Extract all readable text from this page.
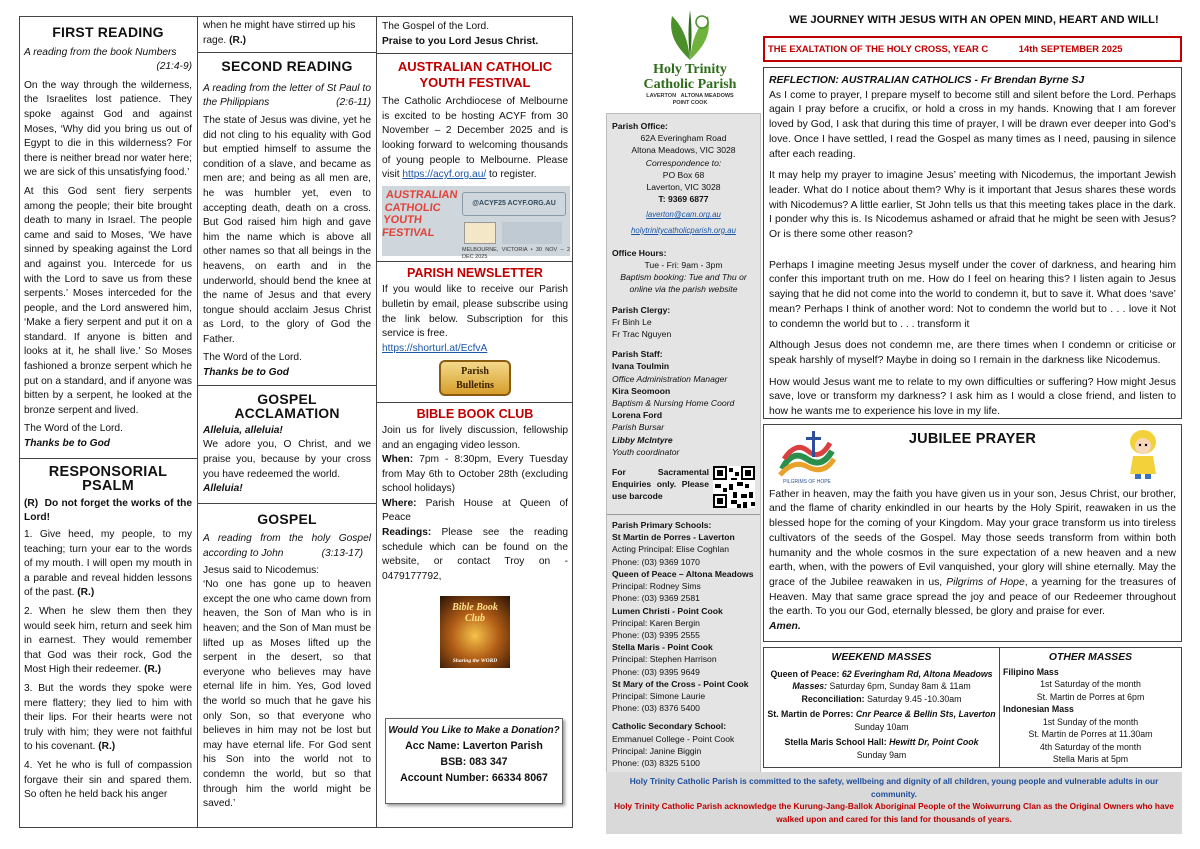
FIRST READING
A reading from the book Numbers
(21:4-9)

On the way through the wilderness, the Israelites lost patience. They spoke against God and against Moses, ‘Why did you bring us out of Egypt to die in this wilderness? For there is neither bread nor water here; we are sick of this unsatisfying food.’

At this God sent fiery serpents among the people; their bite brought death to many in Israel. The people came and said to Moses, ‘We have sinned by speaking against the Lord and against you. Intercede for us with the Lord to save us from these serpents.’ Moses interceded for the people, and the Lord answered him, ‘Make a fiery serpent and put it on a standard. If anyone is bitten and looks at it, he shall live.’ So Moses fashioned a bronze serpent which he put on a standard, and if anyone was bitten by a serpent, he looked at the bronze serpent and lived.

The Word of the Lord.

Thanks be to God

RESPONSORIAL PSALM

(R) Do not forget the works of the Lord!

1. Give heed, my people, to my teaching; turn your ear to the words of my mouth. I will open my mouth in a parable and reveal hidden lessons of the past. (R.)

2. When he slew them then they would seek him, return and seek him in earnest. They would remember that God was their rock, God the Most High their redeemer. (R.)

3. But the words they spoke were mere flattery; they lied to him with their lips. For their hearts were not truly with him; they were not faithful to his covenant. (R.)

4. Yet he who is full of compassion forgave their sin and spared them. So often he held back his anger

when he might have stirred up his rage. (R.)

SECOND READING
A reading from the letter of St Paul to the Philippians	(2:6-11)

The state of Jesus was divine, yet he did not cling to his equality with God but emptied himself to assume the condition of a slave, and became as men are; and being as all men are, he was humbler yet, even to accepting death, death on a cross. But God raised him high and gave him the name which is above all other names so that all beings in the heavens, on earth and in the underworld, should bend the knee at the name of Jesus and that every tongue should acclaim Jesus Christ as Lord, to the glory of God the Father.

The Word of the Lord.

Thanks be to God

GOSPEL ACCLAMATION

Alleluia, alleluia!

We adore you, O Christ, and we praise you, because by your cross you have redeemed the world.

Alleluia!

GOSPEL
A reading from the holy Gospel according to John	(3:13-17)

Jesus said to Nicodemus:

‘No one has gone up to heaven except the one who came down from heaven, the Son of Man who is in heaven; and the Son of Man must be lifted up as Moses lifted up the serpent in the desert, so that everyone who believes may have eternal life in him. Yes, God loved the world so much that he gave his only Son, so that everyone who believes in him may not be lost but may have eternal life. For God sent his Son into the world not to condemn the world, but so that through him the world might be saved.’

The Gospel of the Lord.

Praise to you Lord Jesus Christ.

AUSTRALIAN CATHOLIC
YOUTH FESTIVAL

The Catholic Archdiocese of Melbourne is excited to be hosting ACYF from 30 November – 2 December 2025 and is looking forward to welcoming thousands of young people to Melbourne. Please visit https://acyf.org.au/ to register.

AUSTRALIAN
CATHOLIC
YOUTH
FESTIVAL
@ACYF25 ACYF.ORG.AU
MELBOURNE, VICTORIA • 30 NOV – 2 DEC 2025
PARISH NEWSLETTER

If you would like to receive our Parish bulletin by email, please subscribe using the link below. Subscription for this service is free.

https://shorturl.at/EcfvA
Parish
Bulletins
BIBLE BOOK CLUB

Join us for lively discussion, fellowship and an engaging video lesson.

When: 7pm - 8:30pm, Every Tuesday from May 6th to October 28th (excluding school holidays)

Where: Parish House at Queen of Peace

Readings: Please see the reading schedule which can be found on the website, or contact Troy on - 0479177792,

Bible Book
Club
Sharing the WORD
Would You Like to Make a Donation?
Acc Name: Laverton Parish
BSB: 083 347
Account Number: 66334 8067
Holy Trinity
Catholic Parish
LAVERTON ALTONA MEADOWS
POINT COOK

Parish Office:

62A Everingham Road

Altona Meadows, VIC 3028

Correspondence to:

PO Box 68

Laverton, VIC 3028

T: 9369 6877

laverton@cam.org.au

holytrinitycatholicparish.org.au

Office Hours:

Tue - Fri: 9am - 3pm

Baptism booking: Tue and Thu or online via the parish website

Parish Clergy:

Fr Binh Le

Fr Trac Nguyen

Parish Staff:

Ivana Toulmin

Office Administration Manager

Kira Seomoon

Baptism & Nursing Home Coord

Lorena Ford

Parish Bursar

Libby McIntyre

Youth coordinator

For Sacramental Enquiries only. Please use barcode

Parish Primary Schools:

St Martin de Porres - Laverton

Acting Principal: Elise Coghlan

Phone: (03) 9369 1070

Queen of Peace – Altona Meadows

Principal: Rodney Sims

Phone: (03) 9369 2581

Lumen Christi - Point Cook

Principal: Karen Bergin

Phone: (03) 9395 2555

Stella Maris - Point Cook

Principal: Stephen Harrison

Phone: (03) 9395 9649

St Mary of the Cross - Point Cook

Principal: Simone Laurie

Phone: (03) 8376 5400

Catholic Secondary School:

Emmanuel College - Point Cook

Principal: Janine Biggin

Phone: (03) 8325 5100

WE JOURNEY WITH JESUS WITH AN OPEN MIND, HEART AND WILL!
THE EXALTATION OF THE HOLY CROSS, YEAR C	14th SEPTEMBER 2025

REFLECTION: AUSTRALIAN CATHOLICS - Fr Brendan Byrne SJ

As I come to prayer, I prepare myself to become still and silent before the Lord. Perhaps again I pray before a crucifix, or hold a cross in my hands. Knowing that I am forever loved by God, I ask that during this time of prayer, I will be drawn ever deeper into God’s love. Once I have settled, I read the Gospel as many times as I need, pausing in silence after each reading.

It may help my prayer to imagine Jesus’ meeting with Nicodemus, the important Jewish leader. What do I notice about them? Why is it important that Jesus shares these words with Nicodemus? A little earlier, St John tells us that this meeting takes place in the dark. I ponder why this is. Is Nicodemus ashamed or afraid that he might be seen with Jesus? Or is there some other reason?

Perhaps I imagine meeting Jesus myself under the cover of darkness, and hearing him confer this important truth on me. How do I feel on hearing this? I listen again to Jesus saying that he did not come into the world to condemn it, but to save it. What does ‘save’ mean? Perhaps I think of another word: Not to condemn the world but to . . . love it Not to condemn the world but to . . . transform it

Although Jesus does not condemn me, are there times when I condemn or criticise or speak harshly of myself? Maybe in doing so I remain in the darkness like Nicodemus.

How would Jesus want me to relate to my own difficulties or suffering? How might Jesus save, love or transform my darkness? I ask him as I would a close friend, and listen to how he wants me to experience his love in my life.

PILGRIMS OF HOPE
JUBILEE PRAYER

Father in heaven, may the faith you have given us in your son, Jesus Christ, our brother, and the flame of charity enkindled in our hearts by the Holy Spirit, reawaken in us the blessed hope for the coming of your Kingdom. May your grace transform us into tireless cultivators of the seeds of the Gospel. May those seeds transform from within both humanity and the whole cosmos in the sure expectation of a new heaven and a new earth, when, with the powers of Evil vanquished, your glory will shine eternally. May the grace of the Jubilee reawaken in us, Pilgrims of Hope, a yearning for the treasures of Heaven. May that same grace spread the joy and peace of our Redeemer throughout the earth. To you our God, eternally blessed, be glory and praise for ever.

Amen.

WEEKEND MASSES
Queen of Peace: 62 Everingham Rd, Altona Meadows
Masses: Saturday 6pm, Sunday 8am & 11am
Reconciliation: Saturday 9.45 -10.30am
St. Martin de Porres: Cnr Pearce & Bellin Sts, Laverton
Sunday 10am
Stella Maris School Hall: Hewitt Dr, Point Cook
Sunday 9am
OTHER MASSES
Filipino Mass
1st Saturday of the month
St. Martin de Porres at 6pm
Indonesian Mass
1st Sunday of the month
St. Martin de Porres at 11.30am
4th Saturday of the month
Stella Maris at 5pm
Holy Trinity Catholic Parish is committed to the safety, wellbeing and dignity of all children, young people and vulnerable adults in our community.
Holy Trinity Catholic Parish acknowledge the Kurung-Jang-Ballok Aboriginal People of the Woiwurrung Clan as the Original Owners who have walked upon and cared for this land for thousands of years.
